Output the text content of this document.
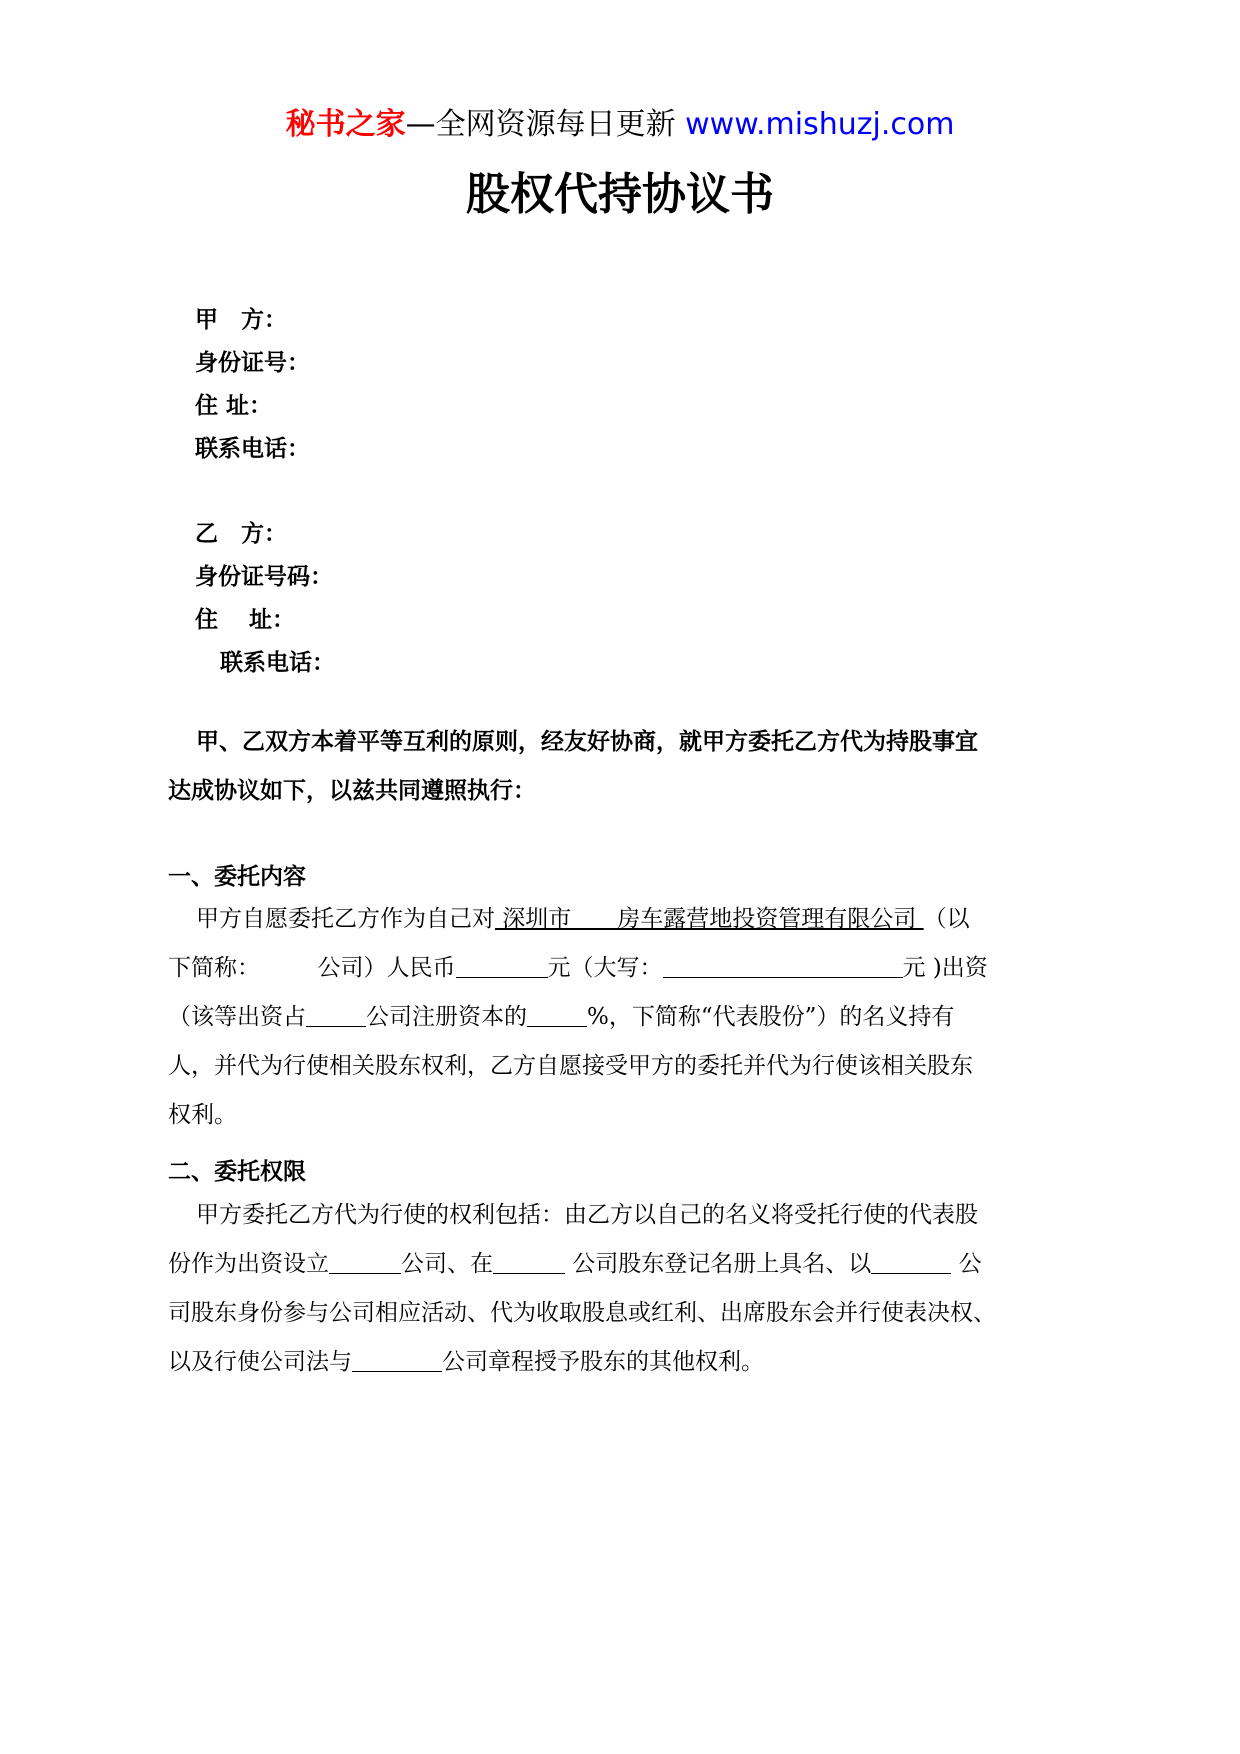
秘书之家—全网资源每日更新 www.mishuzj.com
股权代持协议书
甲　方：
身份证号：
住 址：
联系电话：
乙　方：
身份证号码：
住　 址：
联系电话：
甲、乙双方本着平等互利的原则，经友好协商，就甲方委托乙方代为持股事宜
达成协议如下，以兹共同遵照执行：
一、委托内容
甲方自愿委托乙方作为自己对 深圳市　　房车露营地投资管理有限公司 （以
下简称：　　　公司）人民币	元（大写：	元 )出资
（该等出资占	公司注册资本的	%，下简称“代表股份”）的名义持有
人，并代为行使相关股东权利，乙方自愿接受甲方的委托并代为行使该相关股东
权利。
二、委托权限
甲方委托乙方代为行使的权利包括：由乙方以自己的名义将受托行使的代表股
份作为出资设立	公司、在	公司股东登记名册上具名、以	公
司股东身份参与公司相应活动、代为收取股息或红利、出席股东会并行使表决权、
以及行使公司法与	公司章程授予股东的其他权利。
